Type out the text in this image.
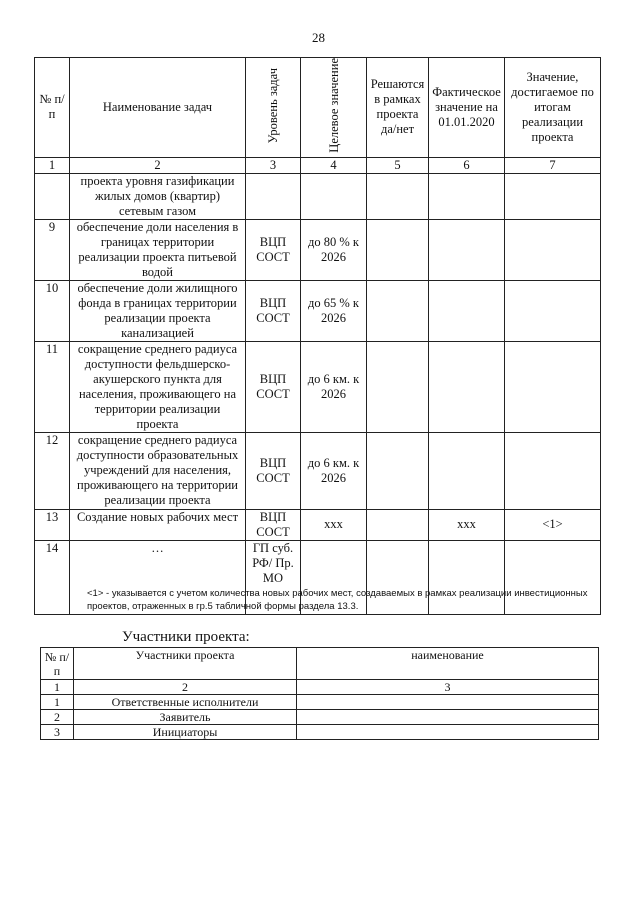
28
№ п/п	Наименование задач	Уровень задач	Целевое значение	Решаются в рамках проекта да/нет	Фактическое значение на 01.01.2020	Значение, достигаемое по итогам реализации проекта
1	2	3	4	5	6	7
	проекта уровня газификации жилых домов (квартир) сетевым газом					
9	обеспечение доли населения в границах территории реализации проекта питьевой водой	ВЦП СОСТ	до 80 % к 2026			
10	обеспечение доли жилищного фонда в границах территории реализации проекта канализацией	ВЦП СОСТ	до 65 % к 2026			
11	сокращение среднего радиуса доступности фельдшерско-акушерского пункта для населения, проживающего на территории реализации проекта	ВЦП СОСТ	до 6 км. к 2026			
12	сокращение среднего радиуса доступности образовательных учреждений для населения, проживающего на территории реализации проекта	ВЦП СОСТ	до 6 км. к 2026			
13	Создание новых рабочих мест	ВЦП СОСТ	ххх		ххх	<1>
14	…	ГП суб. РФ/ Пр. МО				
<1> - указывается с учетом количества новых рабочих мест, создаваемых в рамках реализации инвестиционных проектов, отраженных в гр.5 табличной формы раздела 13.3.
Участники проекта:
№ п/п	Участники проекта	наименование
1	2	3
1	Ответственные исполнители	
2	Заявитель	
3	Инициаторы	
